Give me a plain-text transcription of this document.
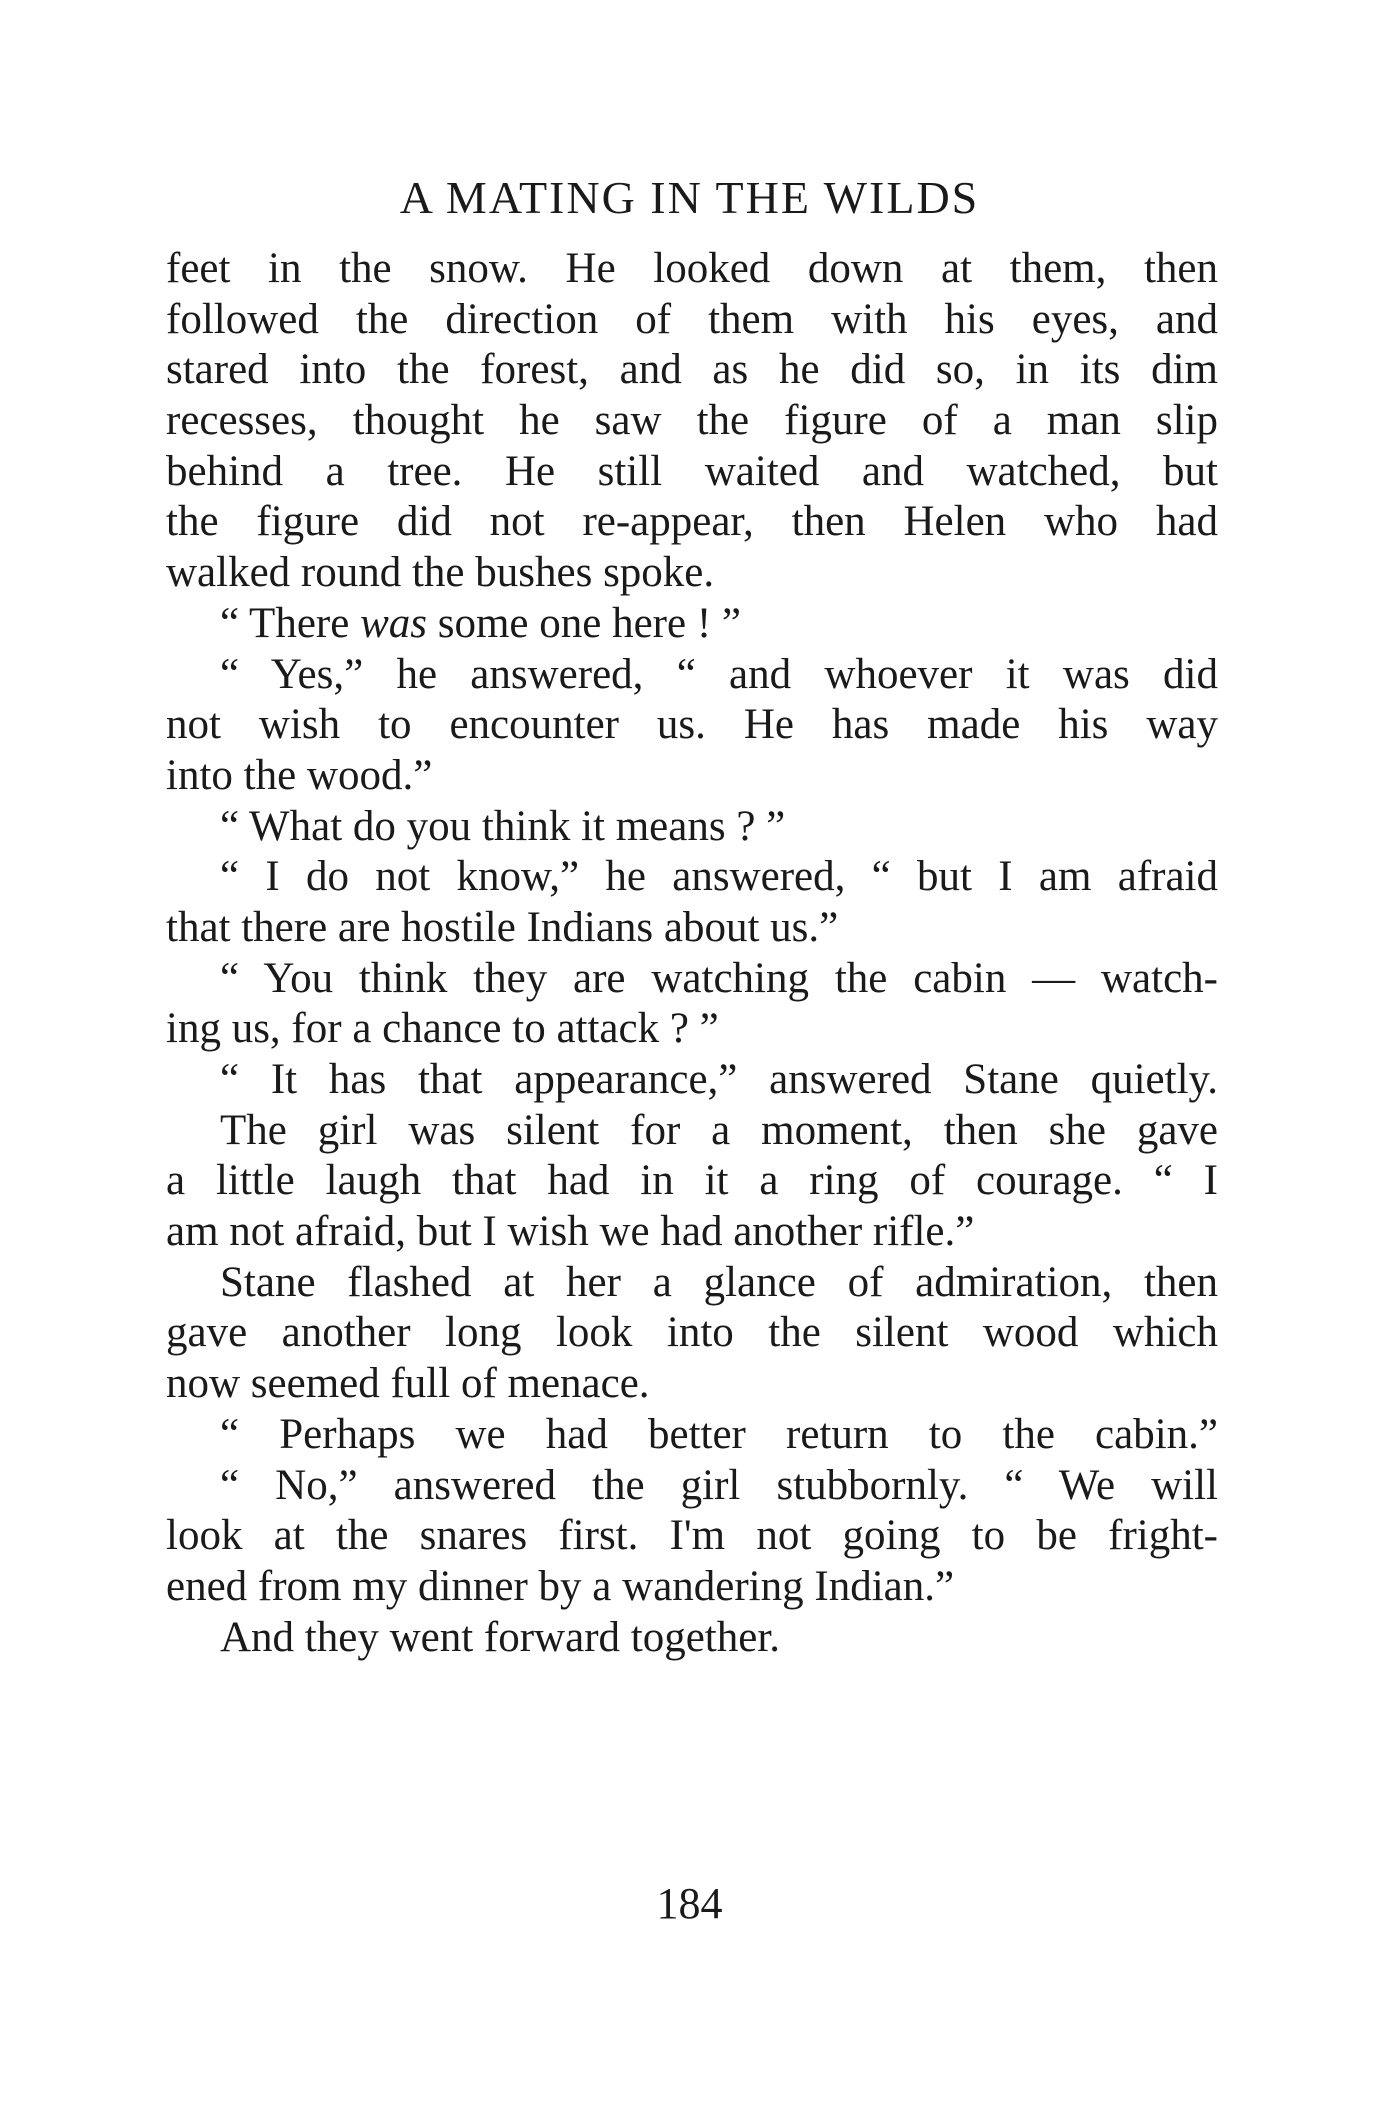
A MATING IN THE WILDS
feet in the snow. He looked down at them, then
followed the direction of them with his eyes, and
stared into the forest, and as he did so, in its dim
recesses, thought he saw the figure of a man slip
behind a tree. He still waited and watched, but
the figure did not re-appear, then Helen who had
walked round the bushes spoke.
“ There was some one here ! ”
“ Yes,” he answered, “ and whoever it was did
not wish to encounter us. He has made his way
into the wood.”
“ What do you think it means ? ”
“ I do not know,” he answered, “ but I am afraid
that there are hostile Indians about us.”
“ You think they are watching the cabin — watch-
ing us, for a chance to attack ? ”
“ It has that appearance,” answered Stane quietly.
The girl was silent for a moment, then she gave
a little laugh that had in it a ring of courage. “ I
am not afraid, but I wish we had another rifle.”
Stane flashed at her a glance of admiration, then
gave another long look into the silent wood which
now seemed full of menace.
“ Perhaps we had better return to the cabin.”
“ No,” answered the girl stubbornly. “ We will
look at the snares first. I'm not going to be fright-
ened from my dinner by a wandering Indian.”
And they went forward together.
184
